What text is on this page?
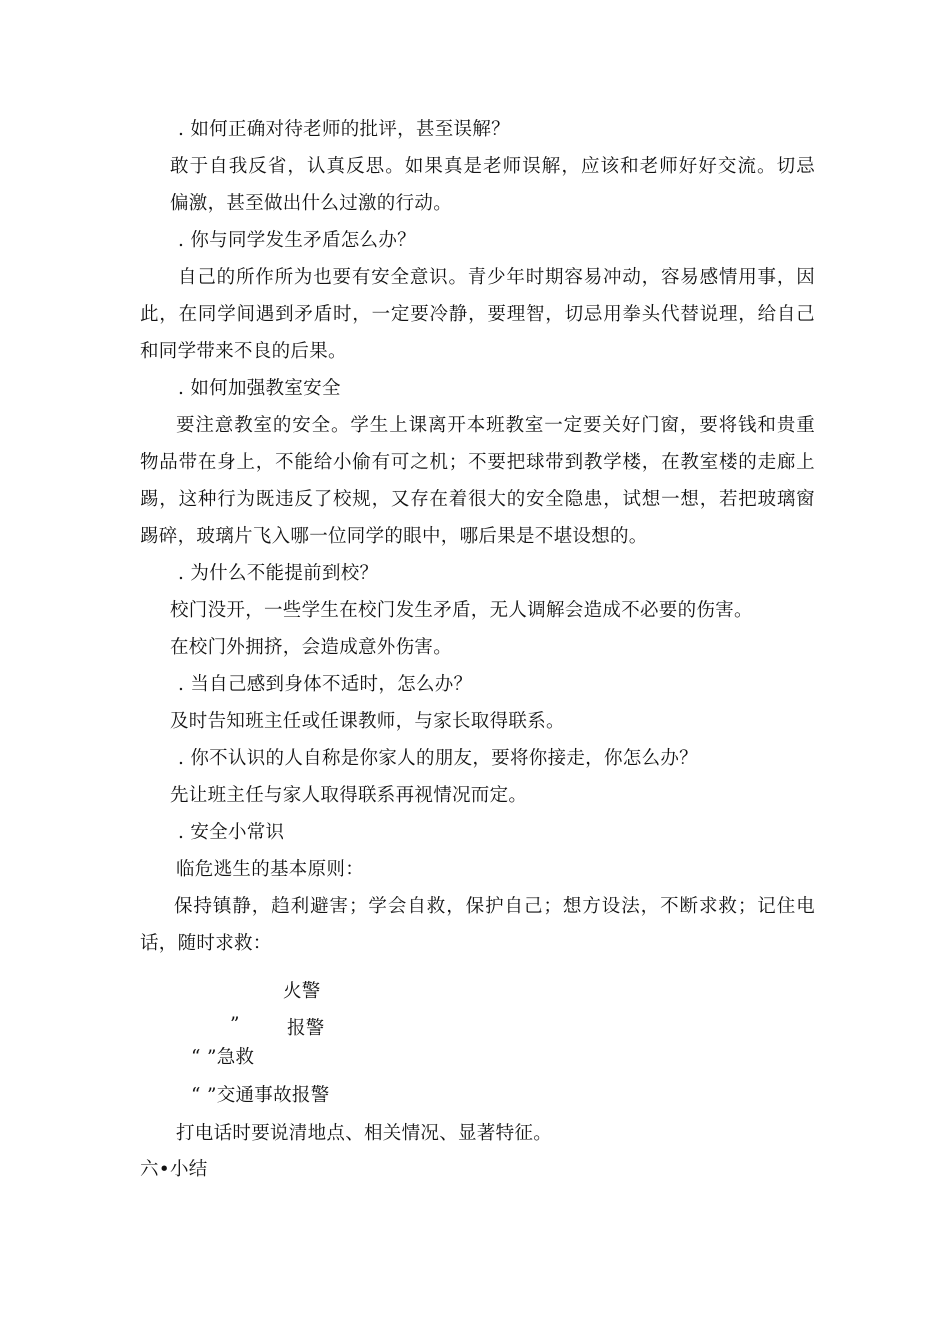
. 如何正确对待老师的批评，甚至误解？
敢于自我反省，认真反思。如果真是老师误解，应该和老师好好交流。切忌
偏激，甚至做出什么过激的行动。
. 你与同学发生矛盾怎么办？
自己的所作所为也要有安全意识。青少年时期容易冲动，容易感情用事，因
此，在同学间遇到矛盾时，一定要冷静，要理智，切忌用拳头代替说理，给自己
和同学带来不良的后果。
. 如何加强教室安全
要注意教室的安全。学生上课离开本班教室一定要关好门窗，要将钱和贵重
物品带在身上，不能给小偷有可之机；不要把球带到教学楼，在教室楼的走廊上
踢，这种行为既违反了校规，又存在着很大的安全隐患，试想一想，若把玻璃窗
踢碎，玻璃片飞入哪一位同学的眼中，哪后果是不堪设想的。
. 为什么不能提前到校？
校门没开，一些学生在校门发生矛盾，无人调解会造成不必要的伤害。
在校门外拥挤，会造成意外伤害。
. 当自己感到身体不适时，怎么办？
及时告知班主任或任课教师，与家长取得联系。
. 你不认识的人自称是你家人的朋友，要将你接走，你怎么办？
先让班主任与家人取得联系再视情况而定。
. 安全小常识
临危逃生的基本原则：
保持镇静，趋利避害；学会自救，保护自己；想方设法，不断求救；记住电
话，随时求救：
火警
”	报警
“ ”急救
“ ”交通事故报警
打电话时要说清地点、相关情况、显著特征。
六•小结
